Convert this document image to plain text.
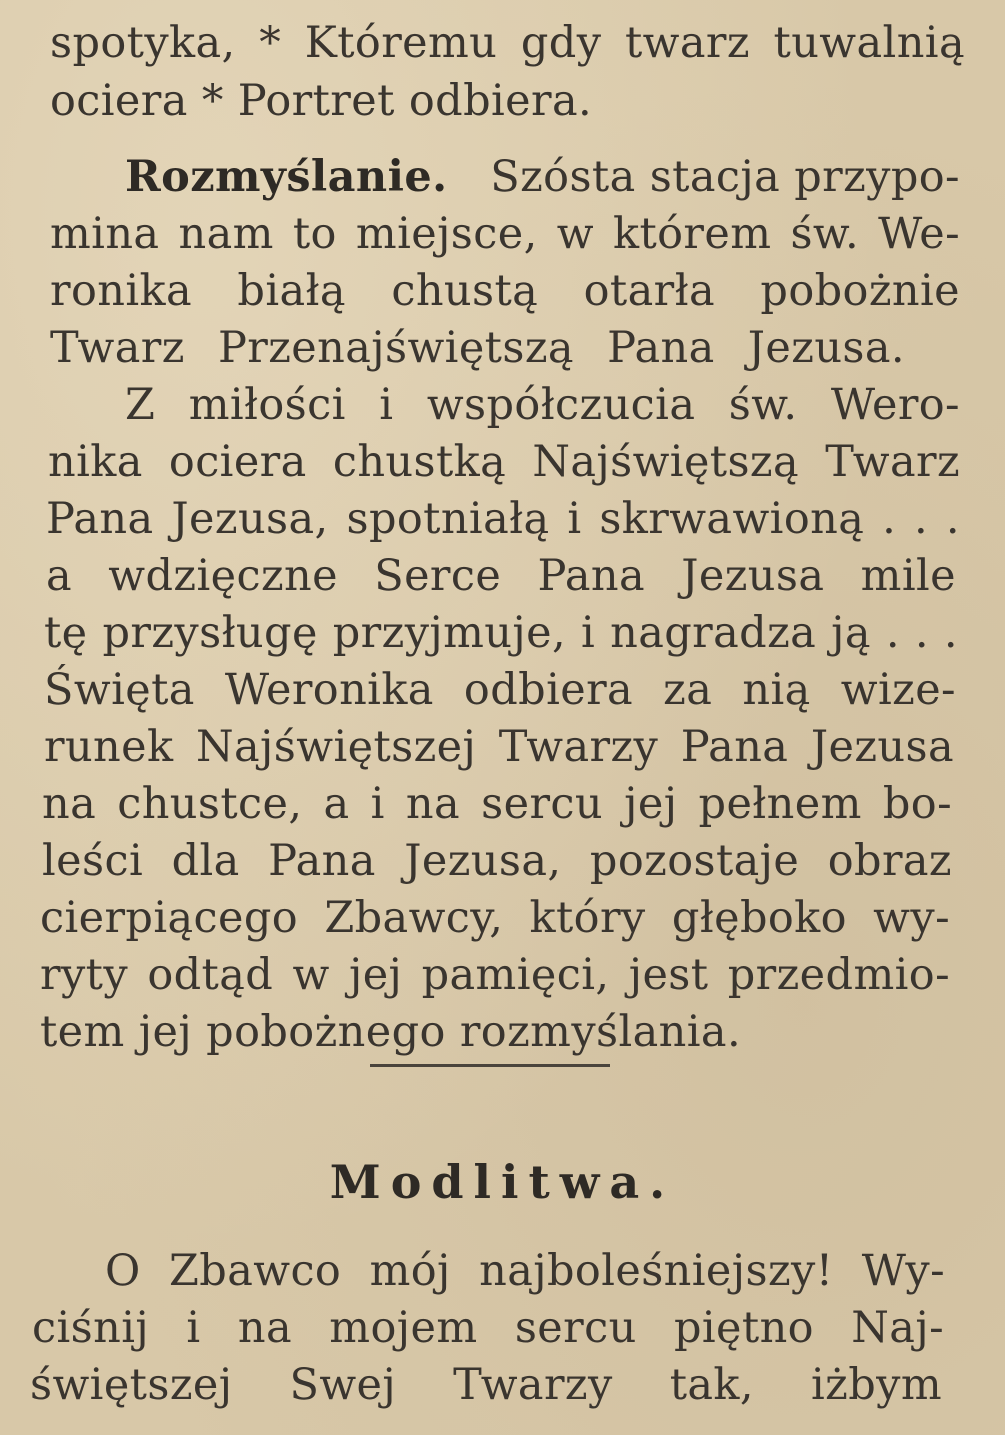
spotyka, * Któremu gdy twarz tuwalnią

ociera * Portret odbiera.

Rozmyślanie. Szósta stacja przypo-

mina nam to miejsce, w którem św. We-

ronika białą chustą otarła pobożnie

Twarz Przenajświętszą Pana Jezusa.

Z miłości i współczucia św. Wero-

nika ociera chustką Najświętszą Twarz

Pana Jezusa, spotniałą i skrwawioną . . .

a wdzięczne Serce Pana Jezusa mile

tę przysługę przyjmuje, i nagradza ją . . .

Święta Weronika odbiera za nią wize-

runek Najświętszej Twarzy Pana Jezusa

na chustce, a i na sercu jej pełnem bo-

leści dla Pana Jezusa, pozostaje obraz

cierpiącego Zbawcy, który głęboko wy-

ryty odtąd w jej pamięci, jest przedmio-

tem jej pobożnego rozmyślania.

Modlitwa.

O Zbawco mój najboleśniejszy! Wy-

ciśnij i na mojem sercu piętno Naj-

świętszej Swej Twarzy tak, iżbym
